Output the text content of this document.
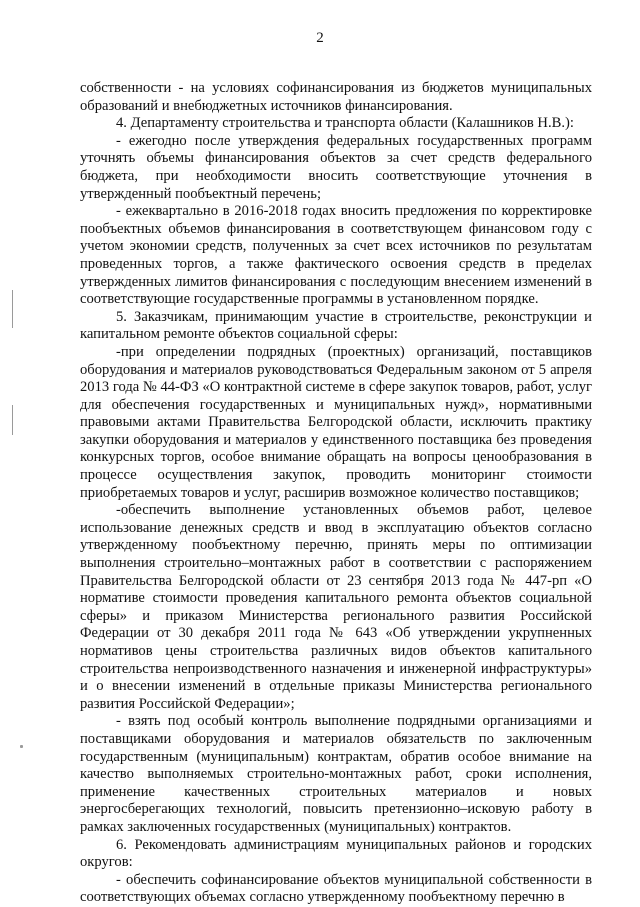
2

собственности - на условиях софинансирования из бюджетов муниципальных образований и внебюджетных источников финансирования.

4. Департаменту строительства и транспорта области (Калашников Н.В.):

- ежегодно после утверждения федеральных государственных программ уточнять объемы финансирования объектов за счет средств федерального бюджета, при необходимости вносить соответствующие уточнения в утвержденный пообъектный перечень;

- ежеквартально в 2016-2018 годах вносить предложения по корректировке пообъектных объемов финансирования в соответствующем финансовом году с учетом экономии средств, полученных за счет всех источников по результатам проведенных торгов, а также фактического освоения средств в пределах утвержденных лимитов финансирования с последующим внесением изменений в соответствующие государственные программы в установленном порядке.

5. Заказчикам, принимающим участие в строительстве, реконструкции и капитальном ремонте объектов социальной сферы:

-при определении подрядных (проектных) организаций, поставщиков оборудования и материалов руководствоваться Федеральным законом от 5 апреля 2013 года № 44-ФЗ «О контрактной системе в сфере закупок товаров, работ, услуг для обеспечения государственных и муниципальных нужд», нормативными правовыми актами Правительства Белгородской области, исключить практику закупки оборудования и материалов у единственного поставщика без проведения конкурсных торгов, особое внимание обращать на вопросы ценообразования в процессе осуществления закупок, проводить мониторинг стоимости приобретаемых товаров и услуг, расширив возможное количество поставщиков;

-обеспечить выполнение установленных объемов работ, целевое использование денежных средств и ввод в эксплуатацию объектов согласно утвержденному пообъектному перечню, принять меры по оптимизации выполнения строительно–монтажных работ в соответствии с распоряжением Правительства Белгородской области от 23 сентября 2013 года № 447-рп «О нормативе стоимости проведения капитального ремонта объектов социальной сферы» и приказом Министерства регионального развития Российской Федерации от 30 декабря 2011 года № 643 «Об утверждении укрупненных нормативов цены строительства различных видов объектов капитального строительства непроизводственного назначения и инженерной инфраструктуры» и о внесении изменений в отдельные приказы Министерства регионального развития Российской Федерации»;

- взять под особый контроль выполнение подрядными организациями и поставщиками оборудования и материалов обязательств по заключенным государственным (муниципальным) контрактам, обратив особое внимание на качество выполняемых строительно-монтажных работ, сроки исполнения, применение качественных строительных материалов и новых энергосберегающих технологий, повысить претензионно–исковую работу в рамках заключенных государственных (муниципальных) контрактов.

6. Рекомендовать администрациям муниципальных районов и городских округов:

- обеспечить софинансирование объектов муниципальной собственности в соответствующих объемах согласно утвержденному пообъектному перечню в
